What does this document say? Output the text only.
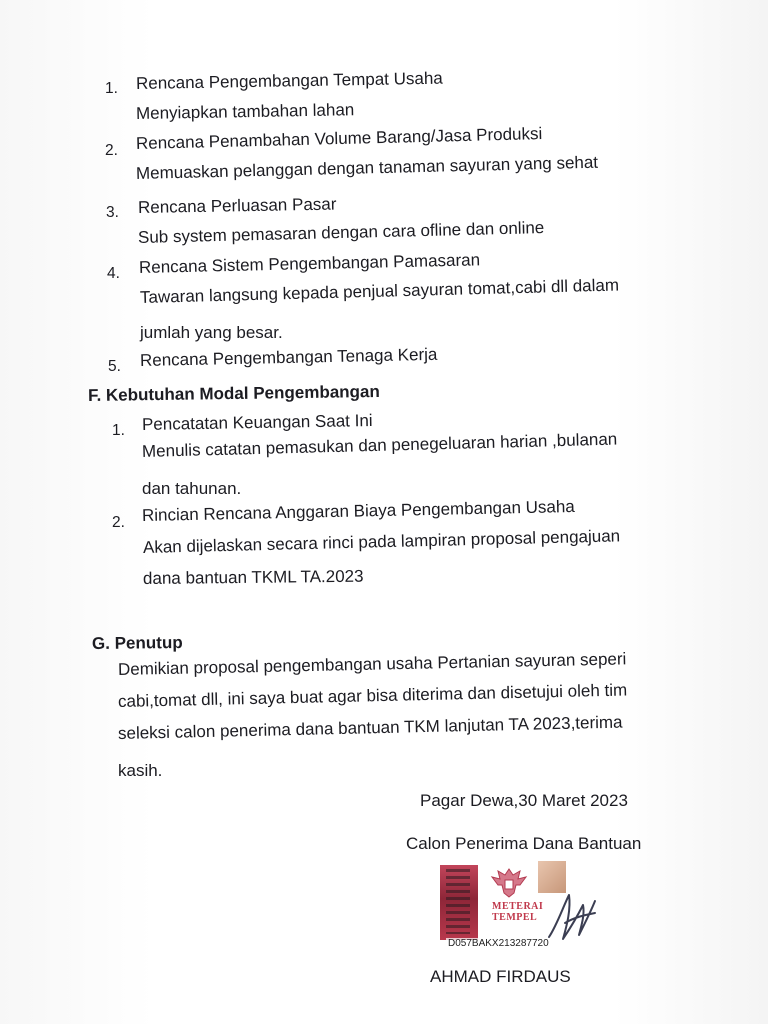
1. Rencana Pengembangan Tempat Usaha
Menyiapkan tambahan lahan
2. Rencana Penambahan Volume Barang/Jasa Produksi
Memuaskan pelanggan dengan tanaman sayuran yang sehat
3. Rencana Perluasan Pasar
Sub system pemasaran dengan cara ofline dan online
4. Rencana Sistem Pengembangan Pamasaran
Tawaran langsung kepada penjual sayuran tomat,cabi dll dalam
jumlah yang besar.
5. Rencana Pengembangan Tenaga Kerja
F. Kebutuhan Modal Pengembangan
1. Pencatatan Keuangan Saat Ini
Menulis catatan pemasukan dan penegeluaran harian ,bulanan
dan tahunan.
2. Rincian Rencana Anggaran Biaya Pengembangan Usaha
Akan dijelaskan secara rinci pada lampiran proposal pengajuan
dana bantuan TKML TA.2023
G. Penutup
Demikian proposal pengembangan usaha Pertanian sayuran seperi
cabi,tomat dll, ini saya buat agar bisa diterima dan disetujui oleh tim
seleksi calon penerima dana bantuan TKM lanjutan TA 2023,terima
kasih.
Pagar Dewa,30 Maret 2023
Calon Penerima Dana Bantuan
METERAI
TEMPEL
D057BAKX213287720
AHMAD FIRDAUS
